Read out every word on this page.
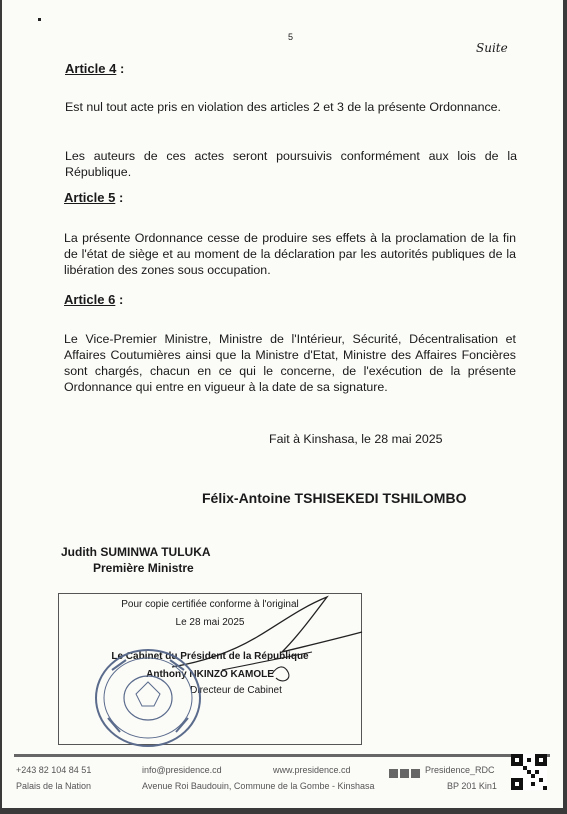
5
Suite
Article 4 :
Est nul tout acte pris en violation des articles 2 et 3 de la présente Ordonnance.
Les auteurs de ces actes seront poursuivis conformément aux lois de la République.
Article 5 :
La présente Ordonnance cesse de produire ses effets à la proclamation de la fin de l'état de siège et au moment de la déclaration par les autorités publiques de la libération des zones sous occupation.
Article 6 :
Le Vice-Premier Ministre, Ministre de l'Intérieur, Sécurité, Décentralisation et Affaires Coutumières ainsi que la Ministre d'Etat, Ministre des Affaires Foncières sont chargés, chacun en ce qui le concerne, de l'exécution de la présente Ordonnance qui entre en vigueur à la date de sa signature.
Fait à Kinshasa, le 28 mai 2025
Félix-Antoine TSHISEKEDI TSHILOMBO
Judith SUMINWA TULUKA
Première Ministre
Pour copie certifiée conforme à l'original
Le 28 mai 2025
Le Cabinet du Président de la République
Anthony NKINZO KAMOLE
Directeur de Cabinet
+243 82 104 84 51	info@presidence.cd	www.presidence.cd	Presidence_RDC
Palais de la Nation	Avenue Roi Baudouin, Commune de la Gombe - Kinshasa	BP 201 Kin1
